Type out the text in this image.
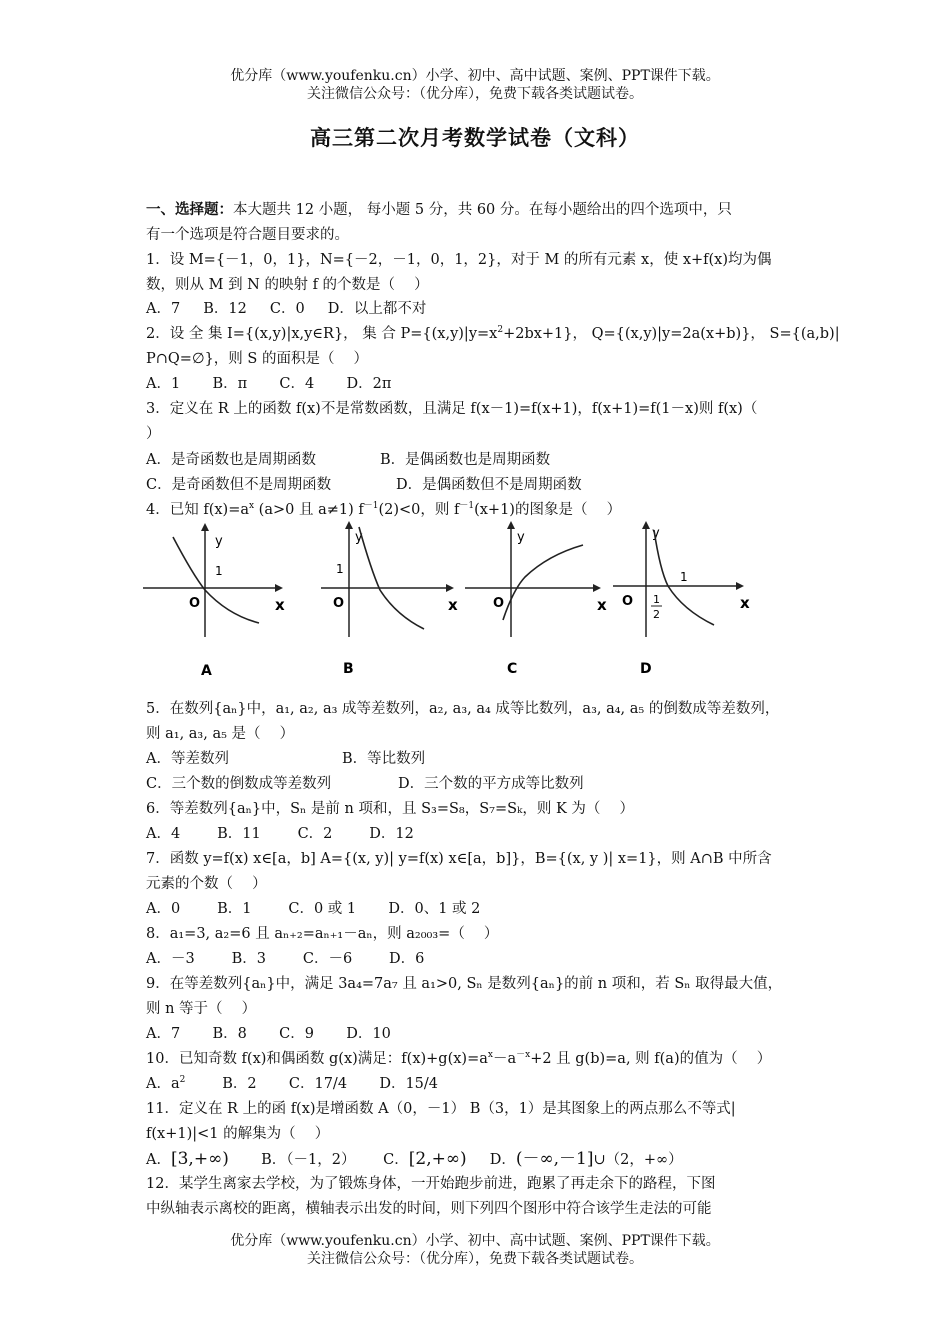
优分库（www.youfenku.cn）小学、初中、高中试题、案例、PPT课件下载。
关注微信公众号：（优分库），免费下载各类试题试卷。
高三第二次月考数学试卷（文科）
一、选择题：本大题共 12 小题， 每小题 5 分，共 60 分。在每小题给出的四个选项中，只
有一个选项是符合题目要求的。
1．设 M={－1，0，1}，N={－2，－1，0，1，2}，对于 M 的所有元素 x，使 x+f(x)均为偶
数，则从 M 到 N 的映射 f 的个数是（　 ）
A．7 B．12 C．0 D．以上都不对
2．设 全 集 I={(x,y)|x,y∈R}， 集 合 $P=\{(x,y)|y=x^2+2bx+1\}$， Q={(x,y)|y=2a(x+b)}， S={(a,b)|
P∩Q=∅}，则 S 的面积是（　 ）
A．1 B．π C．4 D．2π
3．定义在 R 上的函数 f(x)不是常数函数，且满足 f(x－1)=f(x+1)，f(x+1)=f(1－x)则 f(x)（
）
A．是奇函数也是周期函数	B．是偶函数也是周期函数
C．是奇函数但不是周期函数	D．是偶函数但不是周期函数
4．已知 $f(x)=a^x$ (a>0 且 a≠1) $f^{-1}(2)<0$，则 $f^{-1}(x+1)$的图象是（　 ）
y
x
O
1
A
y
x
O
1
B
y
x
O
C
y
x
O
1
1
2
D
5．在数列{aₙ}中，a₁, a₂, a₃ 成等差数列，a₂, a₃, a₄ 成等比数列，a₃, a₄, a₅ 的倒数成等差数列，
则 a₁, a₃, a₅ 是（　 ）
A．等差数列	B．等比数列
C．三个数的倒数成等差数列	D．三个数的平方成等比数列
6．等差数列{aₙ}中，Sₙ 是前 n 项和，且 S₃=S₈，S₇=Sₖ，则 K 为（　 ）
A．4	B．11	C．2	D．12
7．函数 y=f(x) x∈[a，b] A={(x, y)| y=f(x) x∈[a，b]}，B={(x, y )| x=1}，则 A∩B 中所含
元素的个数（　 ）
A．0	B．1	C．0 或 1 D．0、1 或 2
8．a₁=3, a₂=6 且 aₙ₊₂=aₙ₊₁－aₙ，则 a₂₀₀₃=（　 ）
A．－3	B．3	C．－6	D．6
9．在等差数列{aₙ}中，满足 3a₄=7a₇ 且 a₁>0, Sₙ 是数列{aₙ}的前 n 项和，若 Sₙ 取得最大值，
则 n 等于（　 ）
A．7 B．8 C．9 D．10
10．已知奇数 f(x)和偶函数 g(x)满足：$f(x)+g(x)=a^x-a^{-x}+2$ 且 g(b)=a, 则 f(a)的值为（　 ）
A．$a^2$	B．2 C．17/4 D．15/4
11．定义在 R 上的函 f(x)是增函数 A（0，－1） B（3，1）是其图象上的两点那么不等式|
f(x+1)|<1 的解集为（　 ）
A．[3,+∞) B．（－1，2） C．[2,+∞) D．(－∞,－1]∪（2，+∞）
12．某学生离家去学校，为了锻炼身体，一开始跑步前进，跑累了再走余下的路程，下图
中纵轴表示离校的距离，横轴表示出发的时间，则下列四个图形中符合该学生走法的可能
优分库（www.youfenku.cn）小学、初中、高中试题、案例、PPT课件下载。
关注微信公众号：（优分库），免费下载各类试题试卷。
